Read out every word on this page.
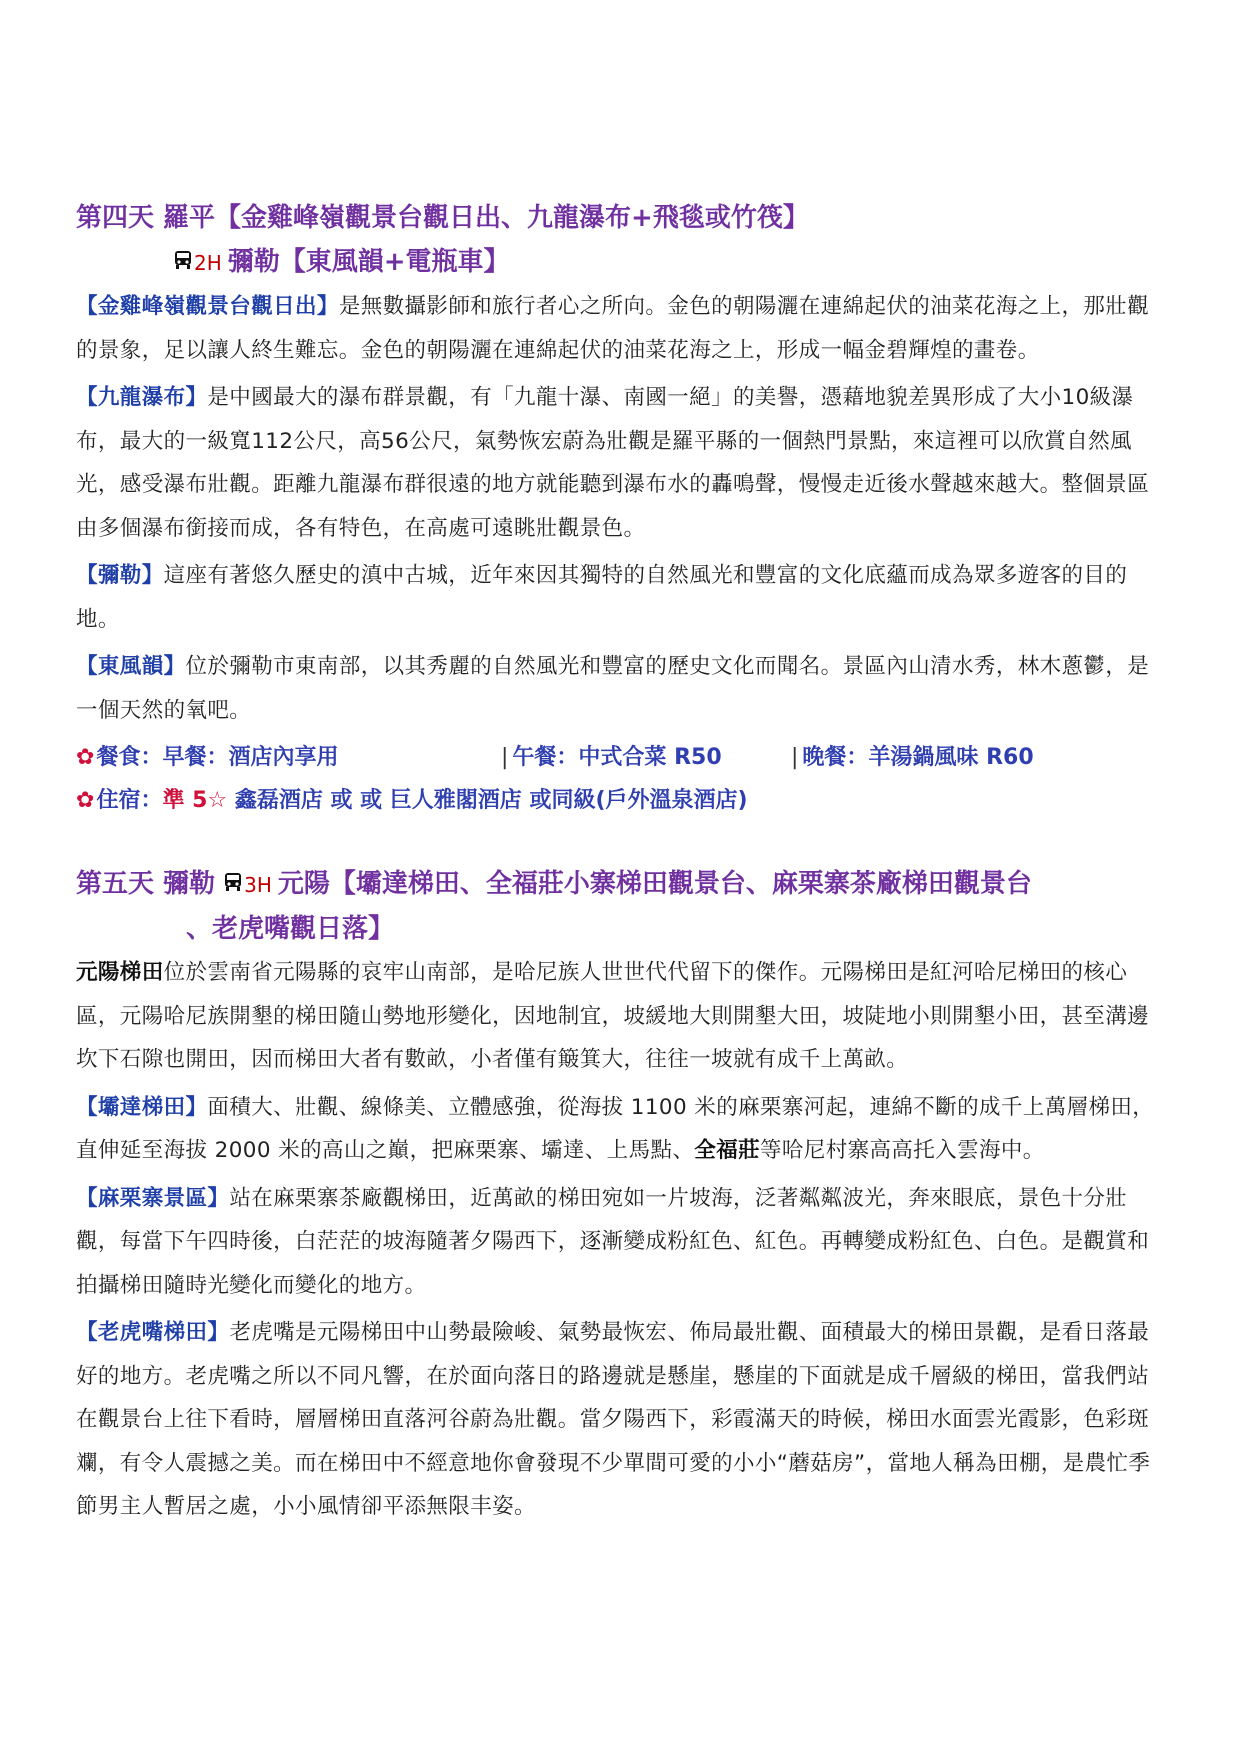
第四天 羅平【金雞峰嶺觀景台觀日出、九龍瀑布+飛毯或竹筏】
2H 彌勒【東風韻+電瓶車】

【金雞峰嶺觀景台觀日出】是無數攝影師和旅行者心之所向。金色的朝陽灑在連綿起伏的油菜花海之上，那壯觀的景象，足以讓人終生難忘。金色的朝陽灑在連綿起伏的油菜花海之上，形成一幅金碧輝煌的畫卷。

【九龍瀑布】是中國最大的瀑布群景觀，有「九龍十瀑、南國一絕」的美譽，憑藉地貌差異形成了大小10級瀑布，最大的一級寬112公尺，高56公尺，氣勢恢宏蔚為壯觀是羅平縣的一個熱門景點，來這裡可以欣賞自然風光，感受瀑布壯觀。距離九龍瀑布群很遠的地方就能聽到瀑布水的轟鳴聲，慢慢走近後水聲越來越大。整個景區由多個瀑布銜接而成，各有特色，在高處可遠眺壯觀景色。

【彌勒】這座有著悠久歷史的滇中古城，近年來因其獨特的自然風光和豐富的文化底蘊而成為眾多遊客的目的地。

【東風韻】位於彌勒市東南部，以其秀麗的自然風光和豐富的歷史文化而聞名。景區內山清水秀，林木蔥鬱，是一個天然的氧吧。

✿餐食：早餐：酒店內享用	| 午餐：中式合菜 R50	| 晚餐：羊湯鍋風味 R60
✿住宿：準 5☆ 鑫磊酒店 或 或 巨人雅閣酒店 或同級(戶外溫泉酒店)
第五天 彌勒 3H 元陽【壩達梯田、全福莊小寨梯田觀景台、麻栗寨茶廠梯田觀景台
、老虎嘴觀日落】

元陽梯田位於雲南省元陽縣的哀牢山南部，是哈尼族人世世代代留下的傑作。元陽梯田是紅河哈尼梯田的核心區，元陽哈尼族開墾的梯田隨山勢地形變化，因地制宜，坡緩地大則開墾大田，坡陡地小則開墾小田，甚至溝邊坎下石隙也開田，因而梯田大者有數畝，小者僅有簸箕大，往往一坡就有成千上萬畝。

【壩達梯田】面積大、壯觀、線條美、立體感強，從海拔 1100 米的麻栗寨河起，連綿不斷的成千上萬層梯田，直伸延至海拔 2000 米的高山之巔，把麻栗寨、壩達、上馬點、全福莊等哈尼村寨高高托入雲海中。

【麻栗寨景區】站在麻栗寨茶廠觀梯田，近萬畝的梯田宛如一片坡海，泛著粼粼波光，奔來眼底，景色十分壯觀，每當下午四時後，白茫茫的坡海隨著夕陽西下，逐漸變成粉紅色、紅色。再轉變成粉紅色、白色。是觀賞和拍攝梯田隨時光變化而變化的地方。

【老虎嘴梯田】老虎嘴是元陽梯田中山勢最險峻、氣勢最恢宏、佈局最壯觀、面積最大的梯田景觀，是看日落最好的地方。老虎嘴之所以不同凡響，在於面向落日的路邊就是懸崖，懸崖的下面就是成千層級的梯田，當我們站在觀景台上往下看時，層層梯田直落河谷蔚為壯觀。當夕陽西下，彩霞滿天的時候，梯田水面雲光霞影，色彩斑斕，有令人震撼之美。而在梯田中不經意地你會發現不少單間可愛的小小“蘑菇房”，當地人稱為田棚，是農忙季節男主人暫居之處，小小風情卻平添無限丰姿。
